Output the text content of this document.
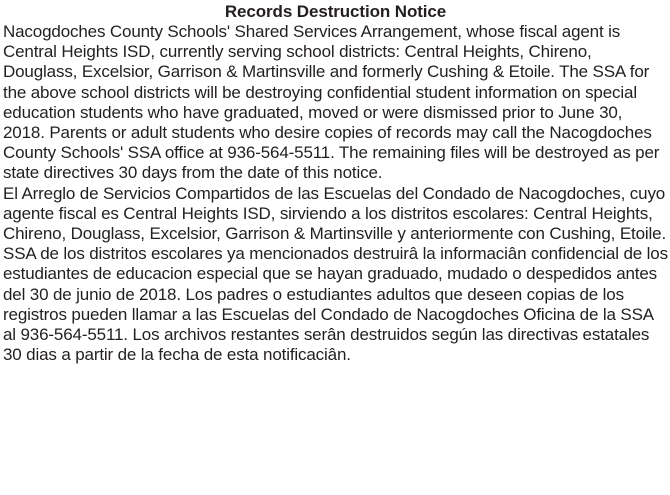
Records Destruction Notice

Nacogdoches County Schools' Shared Services Arrangement, whose fiscal agent is Central Heights ISD, currently serving school districts: Central Heights, Chireno, Douglass, Excelsior, Garrison & Martinsville and formerly Cushing & Etoile. The SSA for the above school districts will be destroying confidential student information on special education students who have graduated, moved or were dismissed prior to June 30, 2018. Parents or adult students who desire copies of records may call the Nacogdoches County Schools' SSA office at 936-564-5511. The remaining files will be destroyed as per state directives 30 days from the date of this notice.

El Arreglo de Servicios Compartidos de las Escuelas del Condado de Nacogdoches, cuyo agente fiscal es Central Heights ISD, sirviendo a los distritos escolares: Central Heights, Chireno, Douglass, Excelsior, Garrison & Martinsville y anteriormente con Cushing, Etoile. SSA de los distritos escolares ya mencionados destruirâ la informaciân confidencial de los estudiantes de educacion especial que se hayan graduado, mudado o despedidos antes del 30 de junio de 2018. Los padres o estudiantes adultos que deseen copias de los registros pueden llamar a las Escuelas del Condado de Nacogdoches Oficina de la SSA al 936-564-5511. Los archivos restantes serân destruidos según las directivas estatales 30 dias a partir de la fecha de esta notificaciân.
